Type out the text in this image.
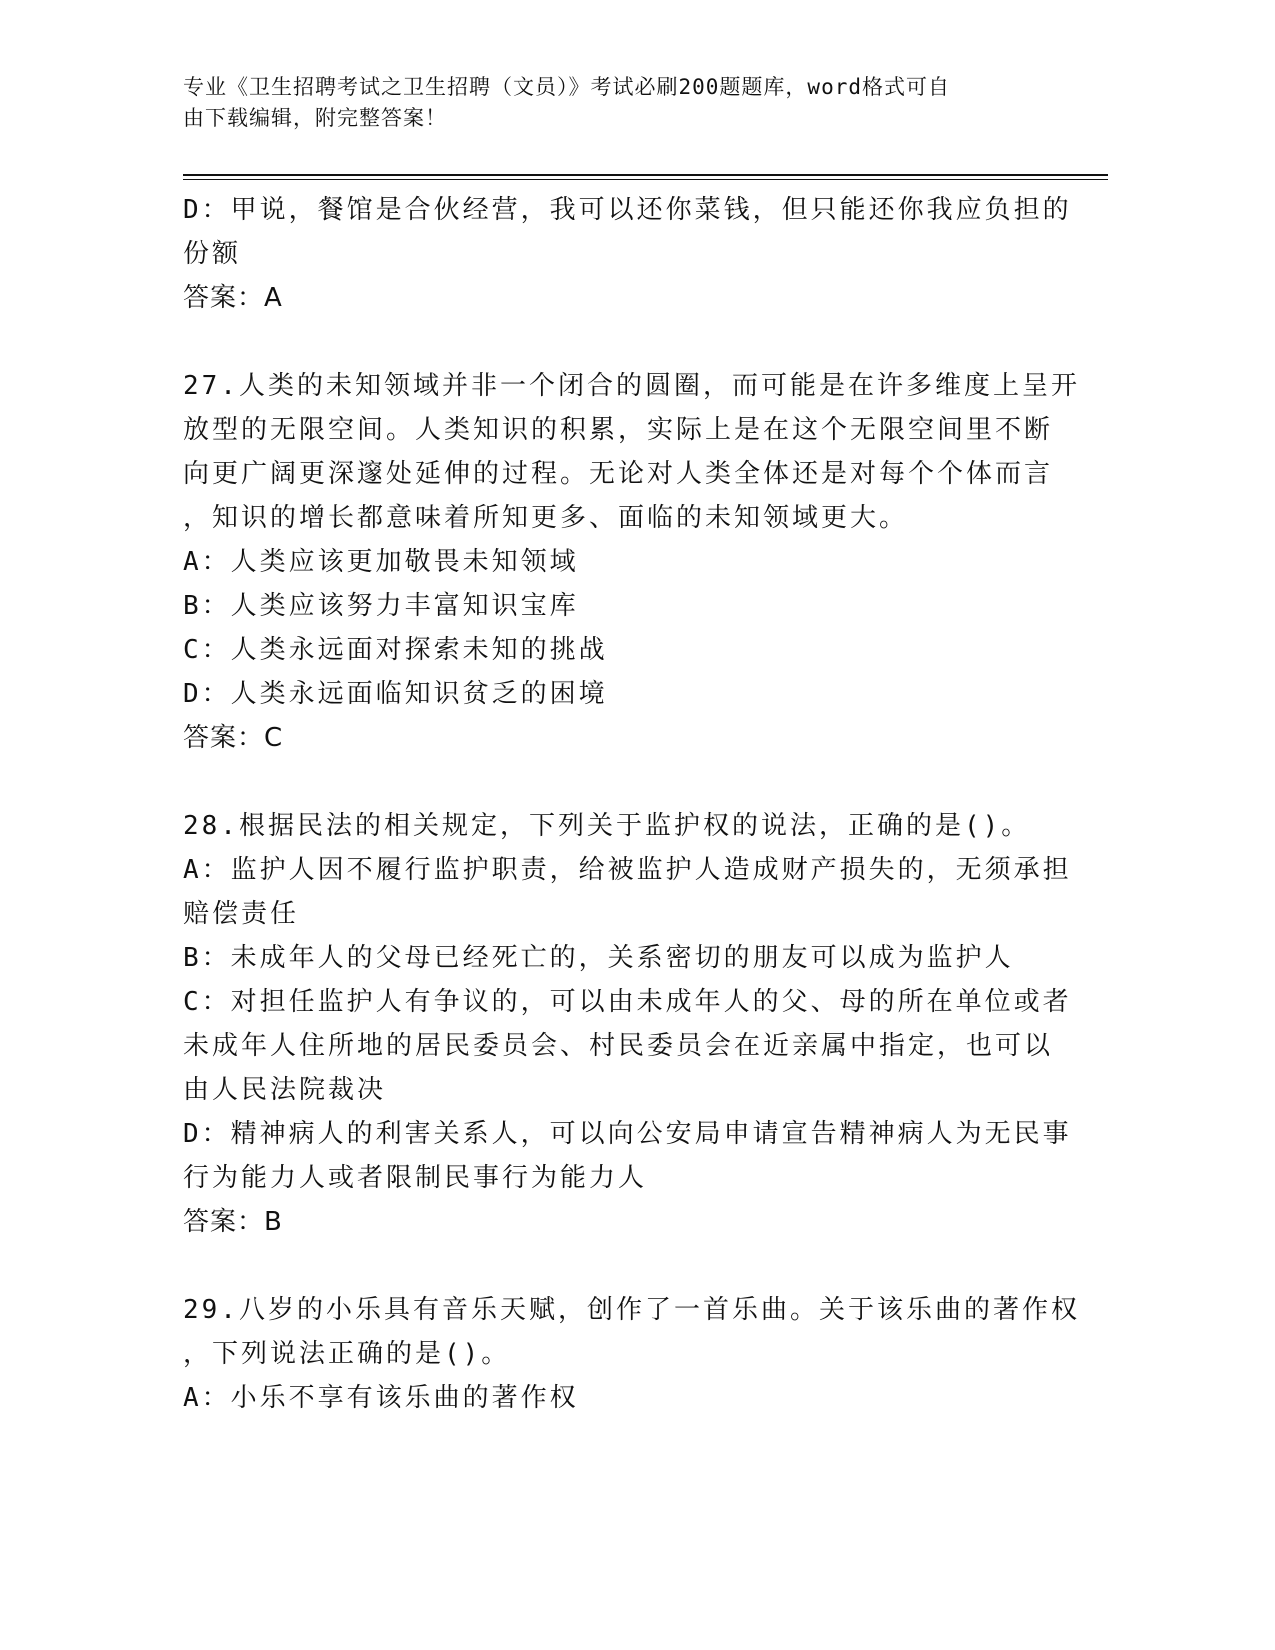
专业《卫生招聘考试之卫生招聘（文员）》考试必刷200题题库，word格式可自
由下载编辑，附完整答案！
D：甲说，餐馆是合伙经营，我可以还你菜钱，但只能还你我应负担的
份额
答案：A
27.人类的未知领域并非一个闭合的圆圈，而可能是在许多维度上呈开
放型的无限空间。人类知识的积累，实际上是在这个无限空间里不断
向更广阔更深邃处延伸的过程。无论对人类全体还是对每个个体而言
，知识的增长都意味着所知更多、面临的未知领域更大。
A：人类应该更加敬畏未知领域
B：人类应该努力丰富知识宝库
C：人类永远面对探索未知的挑战
D：人类永远面临知识贫乏的困境
答案：C
28.根据民法的相关规定，下列关于监护权的说法，正确的是()。
A：监护人因不履行监护职责，给被监护人造成财产损失的，无须承担
赔偿责任
B：未成年人的父母已经死亡的，关系密切的朋友可以成为监护人
C：对担任监护人有争议的，可以由未成年人的父、母的所在单位或者
未成年人住所地的居民委员会、村民委员会在近亲属中指定，也可以
由人民法院裁决
D：精神病人的利害关系人，可以向公安局申请宣告精神病人为无民事
行为能力人或者限制民事行为能力人
答案：B
29.八岁的小乐具有音乐天赋，创作了一首乐曲。关于该乐曲的著作权
，下列说法正确的是()。
A：小乐不享有该乐曲的著作权
